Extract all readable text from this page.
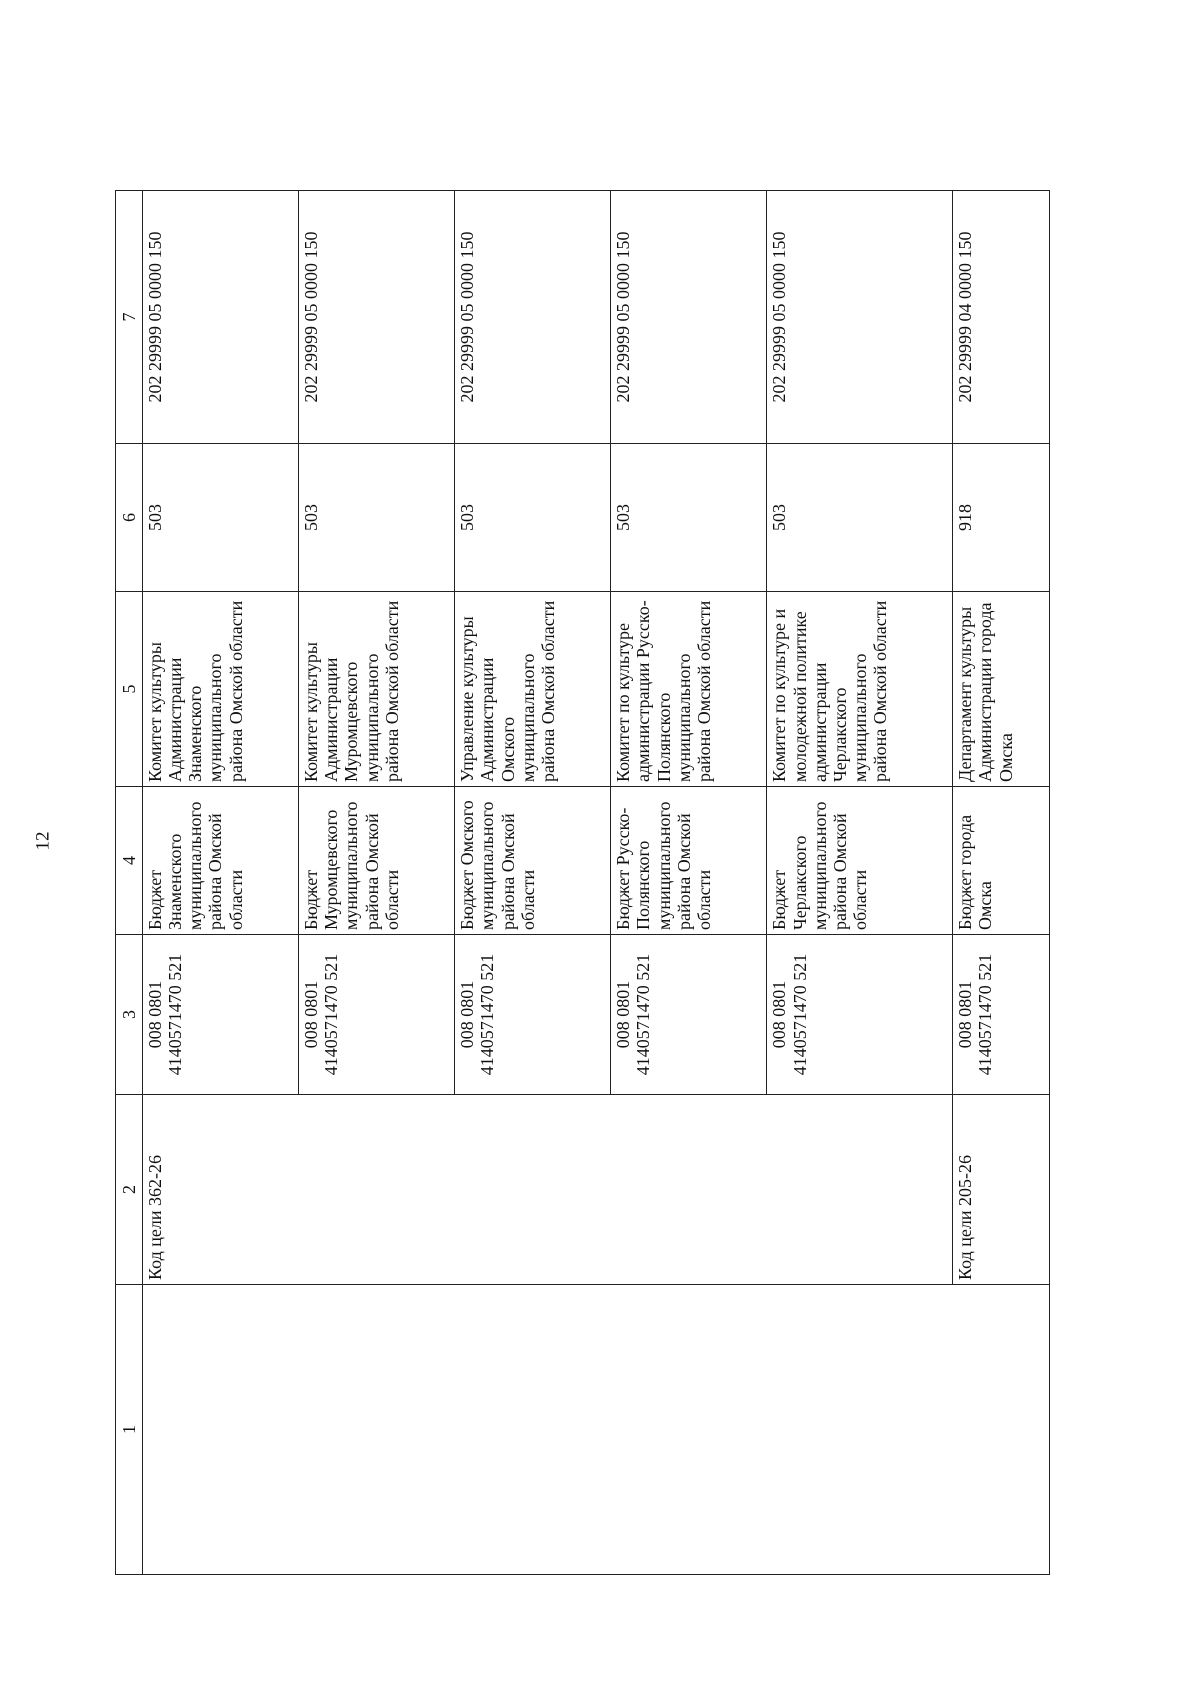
12
1	2	3	4	5	6	7
	Код цели 362-26	008 0801 4140571470 521	Бюджет Знаменского муниципального района Омской области	Комитет культуры Администрации Знаменского муниципального района Омской области	503	202 29999 05 0000 150
		008 0801 4140571470 521	Бюджет Муромцевского муниципального района Омской области	Комитет культуры Администрации Муромцевского муниципального района Омской области	503	202 29999 05 0000 150
		008 0801 4140571470 521	Бюджет Омского муниципального района Омской области	Управление культуры Администрации Омского муниципального района Омской области	503	202 29999 05 0000 150
		008 0801 4140571470 521	Бюджет Русско-Полянского муниципального района Омской области	Комитет по культуре администрации Русско-Полянского муниципального района Омской области	503	202 29999 05 0000 150
		008 0801 4140571470 521	Бюджет Черлакского муниципального района Омской области	Комитет по культуре и молодежной политике администрации Черлакского муниципального района Омской области	503	202 29999 05 0000 150
	Код цели 205-26	008 0801 4140571470 521	Бюджет города Омска	Департамент культуры Администрации города Омска	918	202 29999 04 0000 150
